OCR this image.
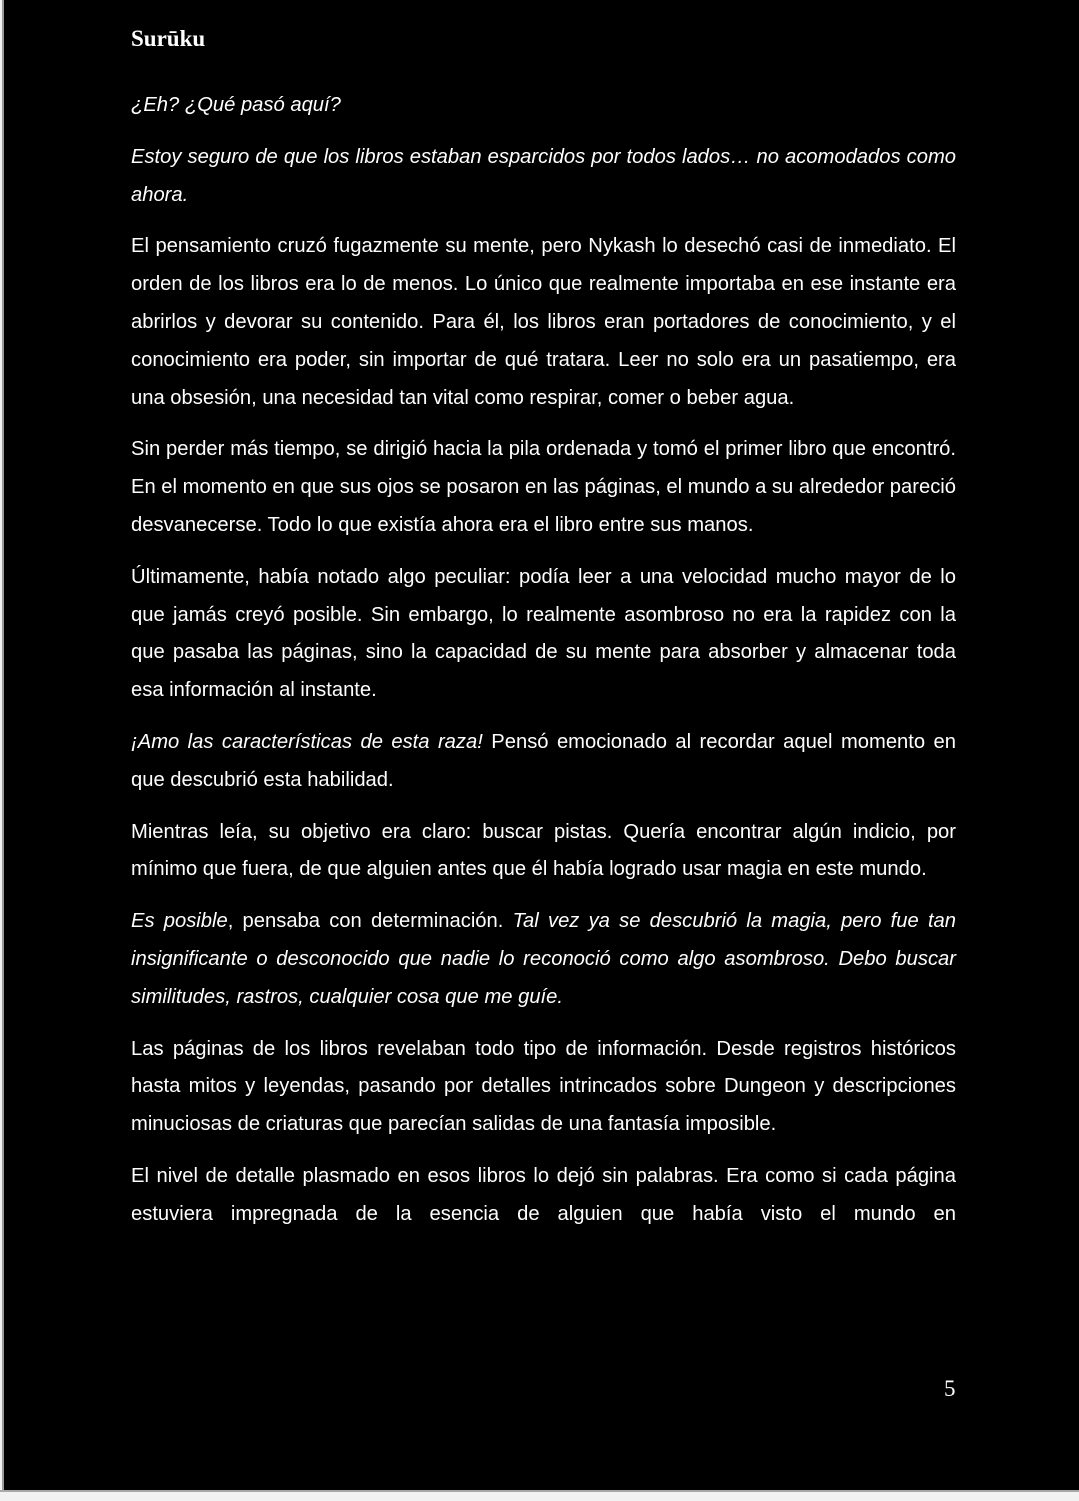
Surūku

¿Eh? ¿Qué pasó aquí?

Estoy seguro de que los libros estaban esparcidos por todos lados… no acomodados como ahora.

El pensamiento cruzó fugazmente su mente, pero Nykash lo desechó casi de inmediato. El orden de los libros era lo de menos. Lo único que realmente importaba en ese instante era abrirlos y devorar su contenido. Para él, los libros eran portadores de conocimiento, y el conocimiento era poder, sin importar de qué tratara. Leer no solo era un pasatiempo, era una obsesión, una necesidad tan vital como respirar, comer o beber agua.

Sin perder más tiempo, se dirigió hacia la pila ordenada y tomó el primer libro que encontró. En el momento en que sus ojos se posaron en las páginas, el mundo a su alrededor pareció desvanecerse. Todo lo que existía ahora era el libro entre sus manos.

Últimamente, había notado algo peculiar: podía leer a una velocidad mucho mayor de lo que jamás creyó posible. Sin embargo, lo realmente asombroso no era la rapidez con la que pasaba las páginas, sino la capacidad de su mente para absorber y almacenar toda esa información al instante.

¡Amo las características de esta raza! Pensó emocionado al recordar aquel momento en que descubrió esta habilidad.

Mientras leía, su objetivo era claro: buscar pistas. Quería encontrar algún indicio, por mínimo que fuera, de que alguien antes que él había logrado usar magia en este mundo.

Es posible, pensaba con determinación. Tal vez ya se descubrió la magia, pero fue tan insignificante o desconocido que nadie lo reconoció como algo asombroso. Debo buscar similitudes, rastros, cualquier cosa que me guíe.

Las páginas de los libros revelaban todo tipo de información. Desde registros históricos hasta mitos y leyendas, pasando por detalles intrincados sobre Dungeon y descripciones minuciosas de criaturas que parecían salidas de una fantasía imposible.

El nivel de detalle plasmado en esos libros lo dejó sin palabras. Era como si cada página estuviera impregnada de la esencia de alguien que había visto el mundo en

5
